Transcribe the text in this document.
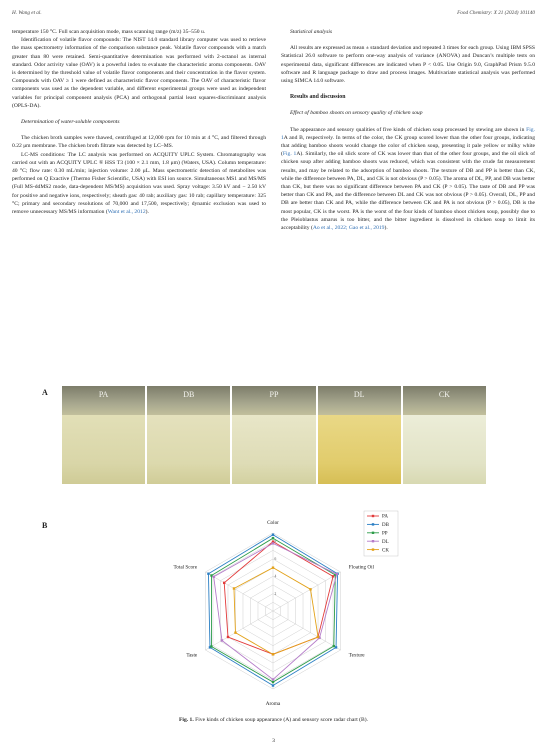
H. Wang et al.	Food Chemistry: X 21 (2024) 101140

temperature 150 °C. Full scan acquisition mode, mass scanning range (m/z) 35–550 u.

Identification of volatile flavor compounds: The NIST 14.0 standard library computer was used to retrieve the mass spectrometry information of the comparison substance peak. Volatile flavor compounds with a match greater than 80 were retained. Semi-quantitative determination was performed with 2-octanol as internal standard. Odor activity value (OAV) is a powerful index to evaluate the characteristic aroma components. OAV is determined by the threshold value of volatile flavor components and their concentration in the flavor system. Compounds with OAV ≥ 1 were defined as characteristic flavor components. The OAV of characteristic flavor components was used as the dependent variable, and different experimental groups were used as independent variables for principal component analysis (PCA) and orthogonal partial least squares-discriminant analysis (OPLS-DA).

Determination of water-soluble components

The chicken broth samples were thawed, centrifuged at 12,000 rpm for 10 min at 4 °C, and filtered through 0.22 μm membrane. The chicken broth filtrate was detected by LC–MS.

LC-MS conditions: The LC analysis was performed on ACQUITY UPLC System. Chromatography was carried out with an ACQUITY UPLC ® HSS T3 (100 × 2.1 mm, 1.8 μm) (Waters, USA). Column temperature: 40 °C; flow rate: 0.30 mL/min; injection volume: 2.00 μL. Mass spectrometric detection of metabolites was performed on Q Exactive (Thermo Fisher Scientific, USA) with ESI ion source. Simultaneous MS1 and MS/MS (Full MS-ddMS2 mode, data-dependent MS/MS) acquisition was used. Spray voltage: 3.50 kV and − 2.50 kV for positive and negative ions, respectively; sheath gas: 40 rab; auxiliary gas: 10 rab; capillary temperature: 325 °C; primary and secondary resolutions of 70,000 and 17,500, respectively; dynamic exclusion was used to remove unnecessary MS/MS information (Want et al., 2012).

Statistical analysis

All results are expressed as mean ± standard deviation and repeated 3 times for each group. Using IBM SPSS Statistical 26.0 software to perform one-way analysis of variance (ANOVA) and Duncan’s multiple tests on experimental data, significant differences are indicated when P < 0.05. Use Origin 9.0, GraphPad Prism 9.5.0 software and R language package to draw and process images. Multivariate statistical analysis was performed using SIMCA 14.0 software.

Results and discussion

Effect of bamboo shoots on sensory quality of chicken soup

The appearance and sensory qualities of five kinds of chicken soup processed by stewing are shown in Fig. 1A and B, respectively. In terms of the color, the CK group scored lower than the other four groups, indicating that adding bamboo shoots would change the color of chicken soup, presenting it pale yellow or milky white (Fig. 1A). Similarly, the oil slick score of CK was lower than that of the other four groups, and the oil slick of chicken soup after adding bamboo shoots was reduced, which was consistent with the crude fat measurement results, and may be related to the adsorption of bamboo shoots. The texture of DB and PP is better than CK, while the difference between PA, DL, and CK is not obvious (P > 0.05). The aroma of DL, PP, and DB was better than CK, but there was no significant difference between PA and CK (P > 0.05). The taste of DB and PP was better than CK and PA, and the difference between DL and CK was not obvious (P > 0.05). Overall, DL, PP and DB are better than CK and PA, while the difference between CK and PA is not obvious (P > 0.05), DB is the most popular, CK is the worst. PA is the worst of the four kinds of bamboo shoot chicken soup, possibly due to the Pleioblastus amarus is too bitter, and the bitter ingredient is dissolved in chicken soup to limit its acceptability (Ao et al., 2022; Gao et al., 2019).

A	PA	DB	PP	DL	CK
B
2
4
6
8
Color
Floating Oil
Texture
Aroma
Taste
Total Score
PA
DB
PP
DL
CK
Fig. 1. Five kinds of chicken soup appearance (A) and sensory score radar chart (B).
3
